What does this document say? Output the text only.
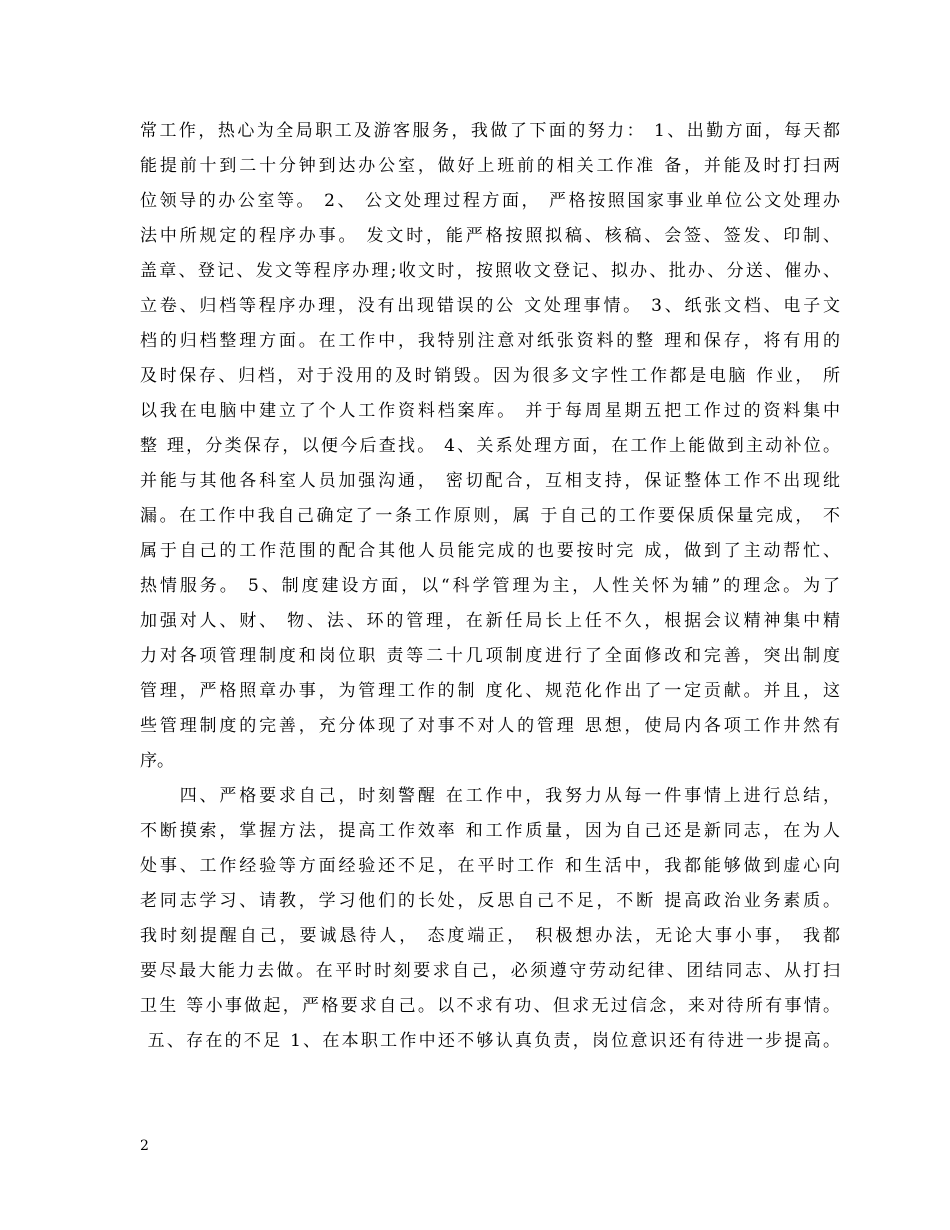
常工作，热心为全局职工及游客服务，我做了下面的努力： 1、出勤方面，每天都
能提前十到二十分钟到达办公室，做好上班前的相关工作准 备，并能及时打扫两
位领导的办公室等。 2、 公文处理过程方面， 严格按照国家事业单位公文处理办
法中所规定的程序办事。 发文时，能严格按照拟稿、核稿、会签、签发、印制、
盖章、登记、发文等程序办理;收文时，按照收文登记、拟办、批办、分送、催办、
立卷、归档等程序办理，没有出现错误的公 文处理事情。 3、纸张文档、电子文
档的归档整理方面。在工作中，我特别注意对纸张资料的整 理和保存，将有用的
及时保存、归档，对于没用的及时销毁。因为很多文字性工作都是电脑 作业， 所
以我在电脑中建立了个人工作资料档案库。 并于每周星期五把工作过的资料集中
整 理，分类保存，以便今后查找。 4、关系处理方面，在工作上能做到主动补位。
并能与其他各科室人员加强沟通， 密切配合，互相支持，保证整体工作不出现纰
漏。在工作中我自己确定了一条工作原则，属 于自己的工作要保质保量完成， 不
属于自己的工作范围的配合其他人员能完成的也要按时完 成，做到了主动帮忙、
热情服务。 5、制度建设方面，以“科学管理为主，人性关怀为辅”的理念。为了
加强对人、财、 物、法、环的管理，在新任局长上任不久，根据会议精神集中精
力对各项管理制度和岗位职 责等二十几项制度进行了全面修改和完善，突出制度
管理，严格照章办事，为管理工作的制 度化、规范化作出了一定贡献。并且，这
些管理制度的完善，充分体现了对事不对人的管理 思想，使局内各项工作井然有
序。
　　四、严格要求自己，时刻警醒 在工作中，我努力从每一件事情上进行总结，
不断摸索，掌握方法，提高工作效率 和工作质量，因为自己还是新同志，在为人
处事、工作经验等方面经验还不足，在平时工作 和生活中，我都能够做到虚心向
老同志学习、请教，学习他们的长处，反思自己不足，不断 提高政治业务素质。
我时刻提醒自己，要诚恳待人， 态度端正， 积极想办法，无论大事小事， 我都
要尽最大能力去做。在平时时刻要求自己，必须遵守劳动纪律、团结同志、从打扫
卫生 等小事做起，严格要求自己。以不求有功、但求无过信念，来对待所有事情。
五、存在的不足 1、在本职工作中还不够认真负责，岗位意识还有待进一步提高。
2
